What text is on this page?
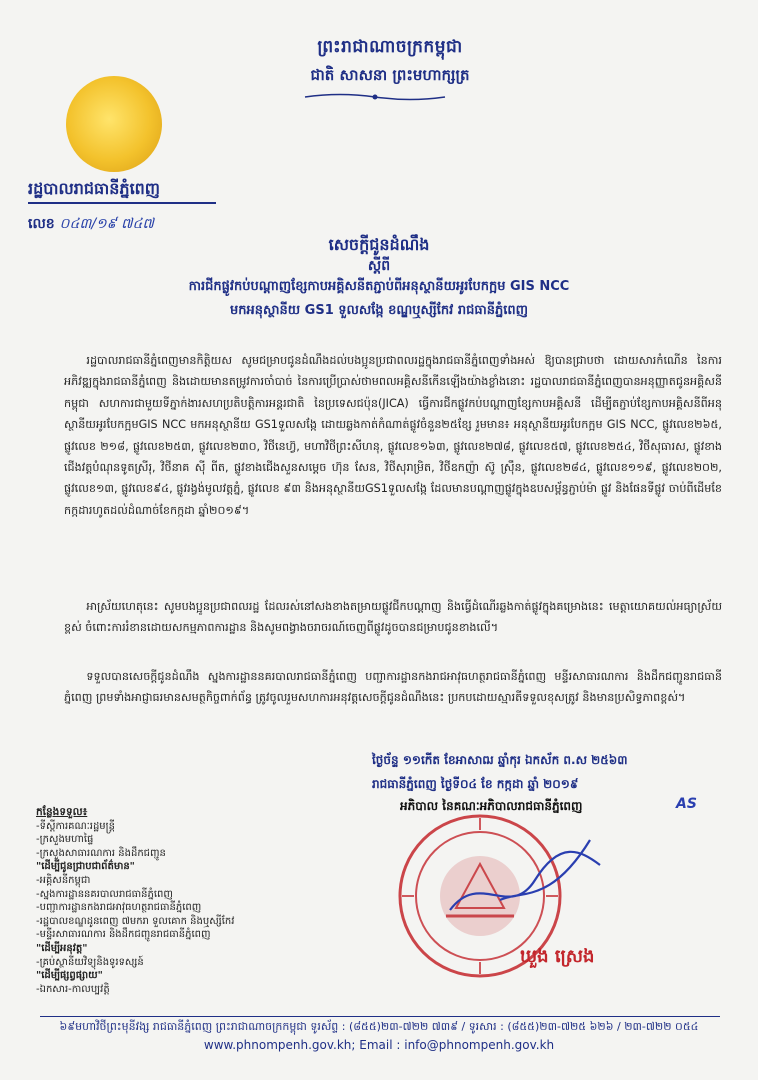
ព្រះរាជាណាចក្រកម្ពុជា
ជាតិ សាសនា ព្រះមហាក្សត្រ
រដ្ឋបាលរាជធានីភ្នំពេញ
លេខ ០៤៣/១៩ ៧៤៧
សេចក្តីជូនដំណឹង
ស្តីពី
ការជីកផ្លូវកប់បណ្តាញខ្សែកាបអគ្គិសនីតភ្ជាប់ពីអនុស្ថានីយអូរបែកក្អម GIS NCC
មកអនុស្ថានីយ GS1 ទួលសង្កែ ខណ្ឌឬស្សីកែវ រាជធានីភ្នំពេញ
រដ្ឋបាលរាជធានីភ្នំពេញមានកិត្តិយស សូមជម្រាបជូនដំណឹងដល់បងប្អូនប្រជាពលរដ្ឋក្នុងរាជធានីភ្នំពេញទាំងអស់ ឱ្យបានជ្រាបថា ដោយសារកំណើន នៃការអភិវឌ្ឍក្នុងរាជធានីភ្នំពេញ និងដោយមានតម្រូវការចាំបាច់ នៃការប្រើប្រាស់ថាមពលអគ្គិសនីកើនឡើងយ៉ាងខ្លាំងនោះ រដ្ឋបាលរាជធានីភ្នំពេញបានអនុញ្ញាតជូនអគ្គិសនីកម្ពុជា សហការជាមួយទីភ្នាក់ងារសហប្រតិបត្តិការអន្តរជាតិ នៃប្រទេសជប៉ុន(JICA) ធ្វើការជីកផ្លូវកប់បណ្តាញខ្សែកាបអគ្គិសនី ដើម្បីតភ្ជាប់ខ្សែកាបអគ្គិសនីពីអនុស្ថានីយអូរបែកក្អមGIS NCC មកអនុស្ថានីយ GS1ទួលសង្កែ ដោយឆ្លងកាត់កំណាត់ផ្លូវចំនួន២៥ខ្សែ រួមមាន៖ អនុស្ថានីយអូរបែកក្អម GIS NCC, ផ្លូវលេខ២៦៥, ផ្លូវលេខ ២១៨, ផ្លូវលេខ២៥៣, ផ្លូវលេខ២៣០, វិថីនេហ៊្វ, មហាវិថីព្រះសីហនុ, ផ្លូវលេខ១៦៣, ផ្លូវលេខ២៧៨, ផ្លូវលេខ៥៧, ផ្លូវលេខ២៥៤, វិថីសុធារស, ផ្លូវខាងជើងវត្តបំណុនទូតស្រីរុ, វិថីនាគ ស៊ី ពីត, ផ្លូវខាងជើងសួនសម្តេច ហ៊ុន សែន, វិថីសុរាម្រិត, វិថីឧកញ៉ា ស៊ូ ស្រ៊ឹន, ផ្លូវលេខ២៨៤, ផ្លូវលេខ១១៩, ផ្លូវលេខ២០២, ផ្លូវលេខ១៣, ផ្លូវលេខ៩៤, ផ្លូវរង្វង់មូលវត្តភ្នំ, ផ្លូវលេខ ៩៣ និងអនុស្ថានីយGS1ទួលសង្កែ ដែលមានបណ្តាញផ្លូវក្នុងឧបសម្ព័ន្ធភ្ជាប់ម៉ា ផ្លូវ និងផែនទីផ្លូវ ចាប់ពីដើមខែកក្កដារហូតដល់ដំណាច់ខែកក្កដា ឆ្នាំ២០១៩។
អាស្រ័យហេតុនេះ សូមបងប្អូនប្រជាពលរដ្ឋ ដែលរស់នៅសងខាងតម្រាយផ្លូវជីកបណ្តាញ និងធ្វើដំណើរឆ្លងកាត់ផ្លូវក្នុងគម្រោងនេះ មេត្តាយោគយល់អធ្យាស្រ័យខ្ពស់ ចំពោះការរំខានដោយសកម្មភាពការដ្ឋាន និងសូមពង្វាងចរាចរណ៍ចេញពីផ្លូវដូចបានជម្រាបជូនខាងលើ។
ទទួលបានសេចក្តីជូនដំណឹង ស្នងការដ្ឋាននគរបាលរាជធានីភ្នំពេញ បញ្ជាការដ្ឋានកងរាជអាវុធហត្ថរាជធានីភ្នំពេញ មន្ទីរសាធារណការ និងដឹកជញ្ជូនរាជធានីភ្នំពេញ ព្រមទាំងអាជ្ញាធរមានសមត្ថកិច្ចពាក់ព័ន្ធ ត្រូវចូលរួមសហការអនុវត្តសេចក្តីជូនដំណឹងនេះ ប្រកបដោយស្មារតីទទួលខុសត្រូវ និងមានប្រសិទ្ធភាពខ្ពស់។
ថ្ងៃច័ន្ទ ១១កើត ខែអាសាឍ ឆ្នាំកុរ ឯកស័ក ព.ស ២៥៦៣
រាជធានីភ្នំពេញ ថ្ងៃទី០៤ ខែ កក្កដា ឆ្នាំ ២០១៩
អភិបាល នៃគណៈអភិបាលរាជធានីភ្នំពេញ	AS
ឃួង ស្រេង
កន្លែងទទួល៖
-ទីស្តីការគណៈរដ្ឋមន្ត្រី
-ក្រសួងមហាផ្ទៃ
-ក្រសួងសាធារណការ និងដឹកជញ្ជូន
"ដើម្បីជូនជ្រាបជាព័ត៌មាន"
-អគ្គិសនីកម្ពុជា
-ស្នងការដ្ឋាននគរបាលរាជធានីភ្នំពេញ
-បញ្ជាការដ្ឋានកងរាជអាវុធហត្ថរាជធានីភ្នំពេញ
-រដ្ឋបាលខណ្ឌដូនពេញ ៧មករា ទួលគោក និងឬស្សីកែវ
-មន្ទីរសាធារណការ និងដឹកជញ្ជូនរាជធានីភ្នំពេញ
"ដើម្បីអនុវត្ត"
-គ្រប់ស្ថានីយវិទ្យុនិងទូរទស្សន៍
"ដើម្បីផ្សព្វផ្សាយ"
-ឯកសារ-កាលប្បវត្តិ
៦៩មហាវិថីព្រះមុនីវង្ស រាជធានីភ្នំពេញ ព្រះរាជាណាចក្រកម្ពុជា ទូរស័ព្ទ : (៨៥៥)២៣-៧២២ ៧៣៩ / ទូរសារ : (៨៥៥)២៣-៧២៥ ៦២៦ / ២៣-៧២២ ០៥៤
www.phnompenh.gov.kh; Email : info@phnompenh.gov.kh
